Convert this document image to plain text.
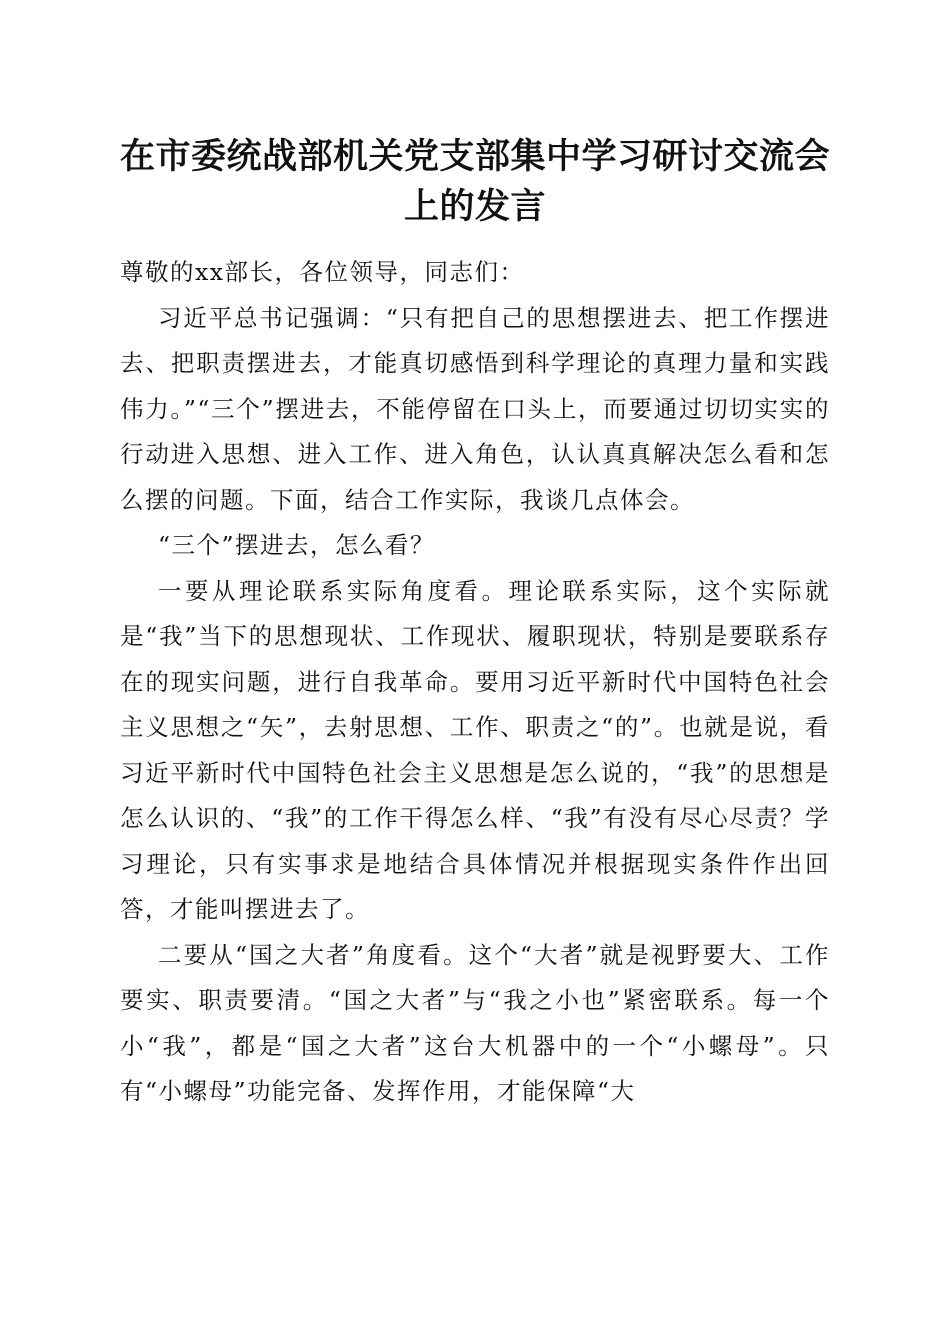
在市委统战部机关党支部集中学习研讨交流会上的发言

尊敬的xx部长，各位领导，同志们：

习近平总书记强调：“只有把自己的思想摆进去、把工作摆进去、把职责摆进去，才能真切感悟到科学理论的真理力量和实践伟力。”“三个”摆进去，不能停留在口头上，而要通过切切实实的行动进入思想、进入工作、进入角色，认认真真解决怎么看和怎么摆的问题。下面，结合工作实际，我谈几点体会。

“三个”摆进去，怎么看？

一要从理论联系实际角度看。理论联系实际，这个实际就是“我”当下的思想现状、工作现状、履职现状，特别是要联系存在的现实问题，进行自我革命。要用习近平新时代中国特色社会主义思想之“矢”，去射思想、工作、职责之“的”。也就是说，看习近平新时代中国特色社会主义思想是怎么说的，“我”的思想是怎么认识的、“我”的工作干得怎么样、“我”有没有尽心尽责？学习理论，只有实事求是地结合具体情况并根据现实条件作出回答，才能叫摆进去了。

二要从“国之大者”角度看。这个“大者”就是视野要大、工作要实、职责要清。“国之大者”与“我之小也”紧密联系。每一个小“我”，都是“国之大者”这台大机器中的一个“小螺母”。只有“小螺母”功能完备、发挥作用，才能保障“大
